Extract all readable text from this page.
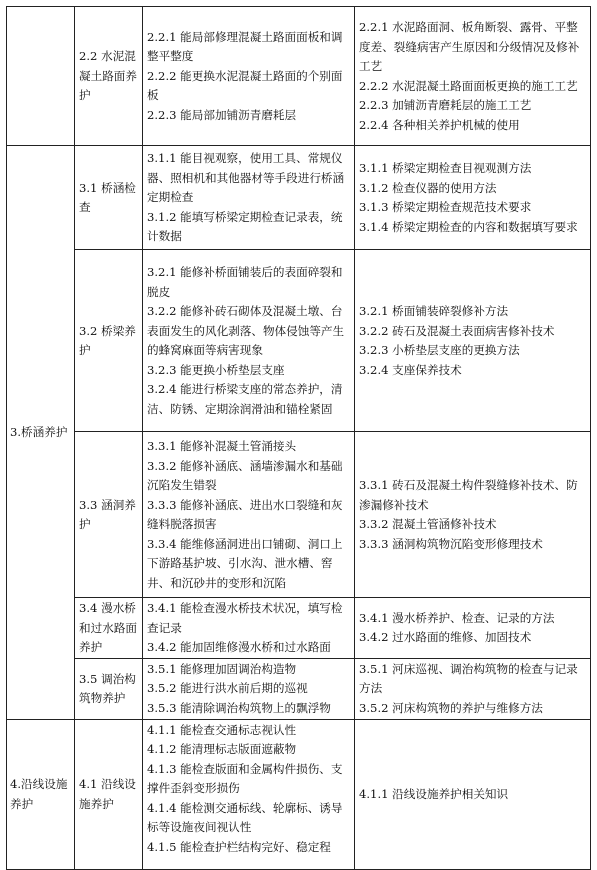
	2.2 水泥混凝土路面养护	2.2.1 能局部修理混凝土路面面板和调整平整度
2.2.2 能更换水泥混凝土路面的个别面板
2.2.3 能局部加铺沥青磨耗层	2.2.1 水泥路面洞、板角断裂、露骨、平整度差、裂缝病害产生原因和分级情况及修补工艺
2.2.2 水泥混凝土路面面板更换的施工工艺
2.2.3 加铺沥青磨耗层的施工工艺
2.2.4 各种相关养护机械的使用

3.桥涵养护	3.1 桥涵检查	3.1.1 能目视观察，使用工具、常规仪器、照相机和其他器材等手段进行桥涵定期检查
3.1.2 能填写桥梁定期检查记录表，统计数据	3.1.1 桥梁定期检查目视观测方法
3.1.2 检查仪器的使用方法
3.1.3 桥梁定期检查规范技术要求
3.1.4 桥梁定期检查的内容和数据填写要求

	3.2 桥梁养护	3.2.1 能修补桥面铺装后的表面碎裂和脱皮
3.2.2 能修补砖石砌体及混凝土墩、台表面发生的风化剥落、物体侵蚀等产生的蜂窝麻面等病害现象
3.2.3 能更换小桥垫层支座
3.2.4 能进行桥梁支座的常态养护，清洁、防锈、定期涂润滑油和锚栓紧固	3.2.1 桥面铺装碎裂修补方法
3.2.2 砖石及混凝土表面病害修补技术
3.2.3 小桥垫层支座的更换方法
3.2.4 支座保养技术

	3.3 涵洞养护	3.3.1 能修补混凝土管涌接头
3.3.2 能修补涵底、涵墙渗漏水和基础沉陷发生错裂
3.3.3 能修补涵底、进出水口裂缝和灰缝料脱落损害
3.3.4 能维修涵洞进出口铺砌、洞口上下游路基护坡、引水沟、泄水槽、窖井、和沉砂井的变形和沉陷	3.3.1 砖石及混凝土构件裂缝修补技术、防渗漏修补技术
3.3.2 混凝土管涵修补技术
3.3.3 涵洞构筑物沉陷变形修理技术

	3.4 漫水桥和过水路面养护	3.4.1 能检查漫水桥技术状况，填写检查记录
3.4.2 能加固维修漫水桥和过水路面	3.4.1 漫水桥养护、检查、记录的方法
3.4.2 过水路面的维修、加固技术

	3.5 调治构筑物养护	3.5.1 能修理加固调治构造物
3.5.2 能进行洪水前后期的巡视
3.5.3 能清除调治构筑物上的飘浮物	3.5.1 河床巡视、调治构筑物的检查与记录方法
3.5.2 河床构筑物的养护与维修方法

4.沿线设施养护	4.1 沿线设施养护	4.1.1 能检查交通标志视认性
4.1.2 能清理标志版面遮蔽物
4.1.3 能检查版面和金属构件损伤、支撑件歪斜变形损伤
4.1.4 能检测交通标线、轮廓标、诱导标等设施夜间视认性
4.1.5 能检查护栏结构完好、稳定程	4.1.1 沿线设施养护相关知识
